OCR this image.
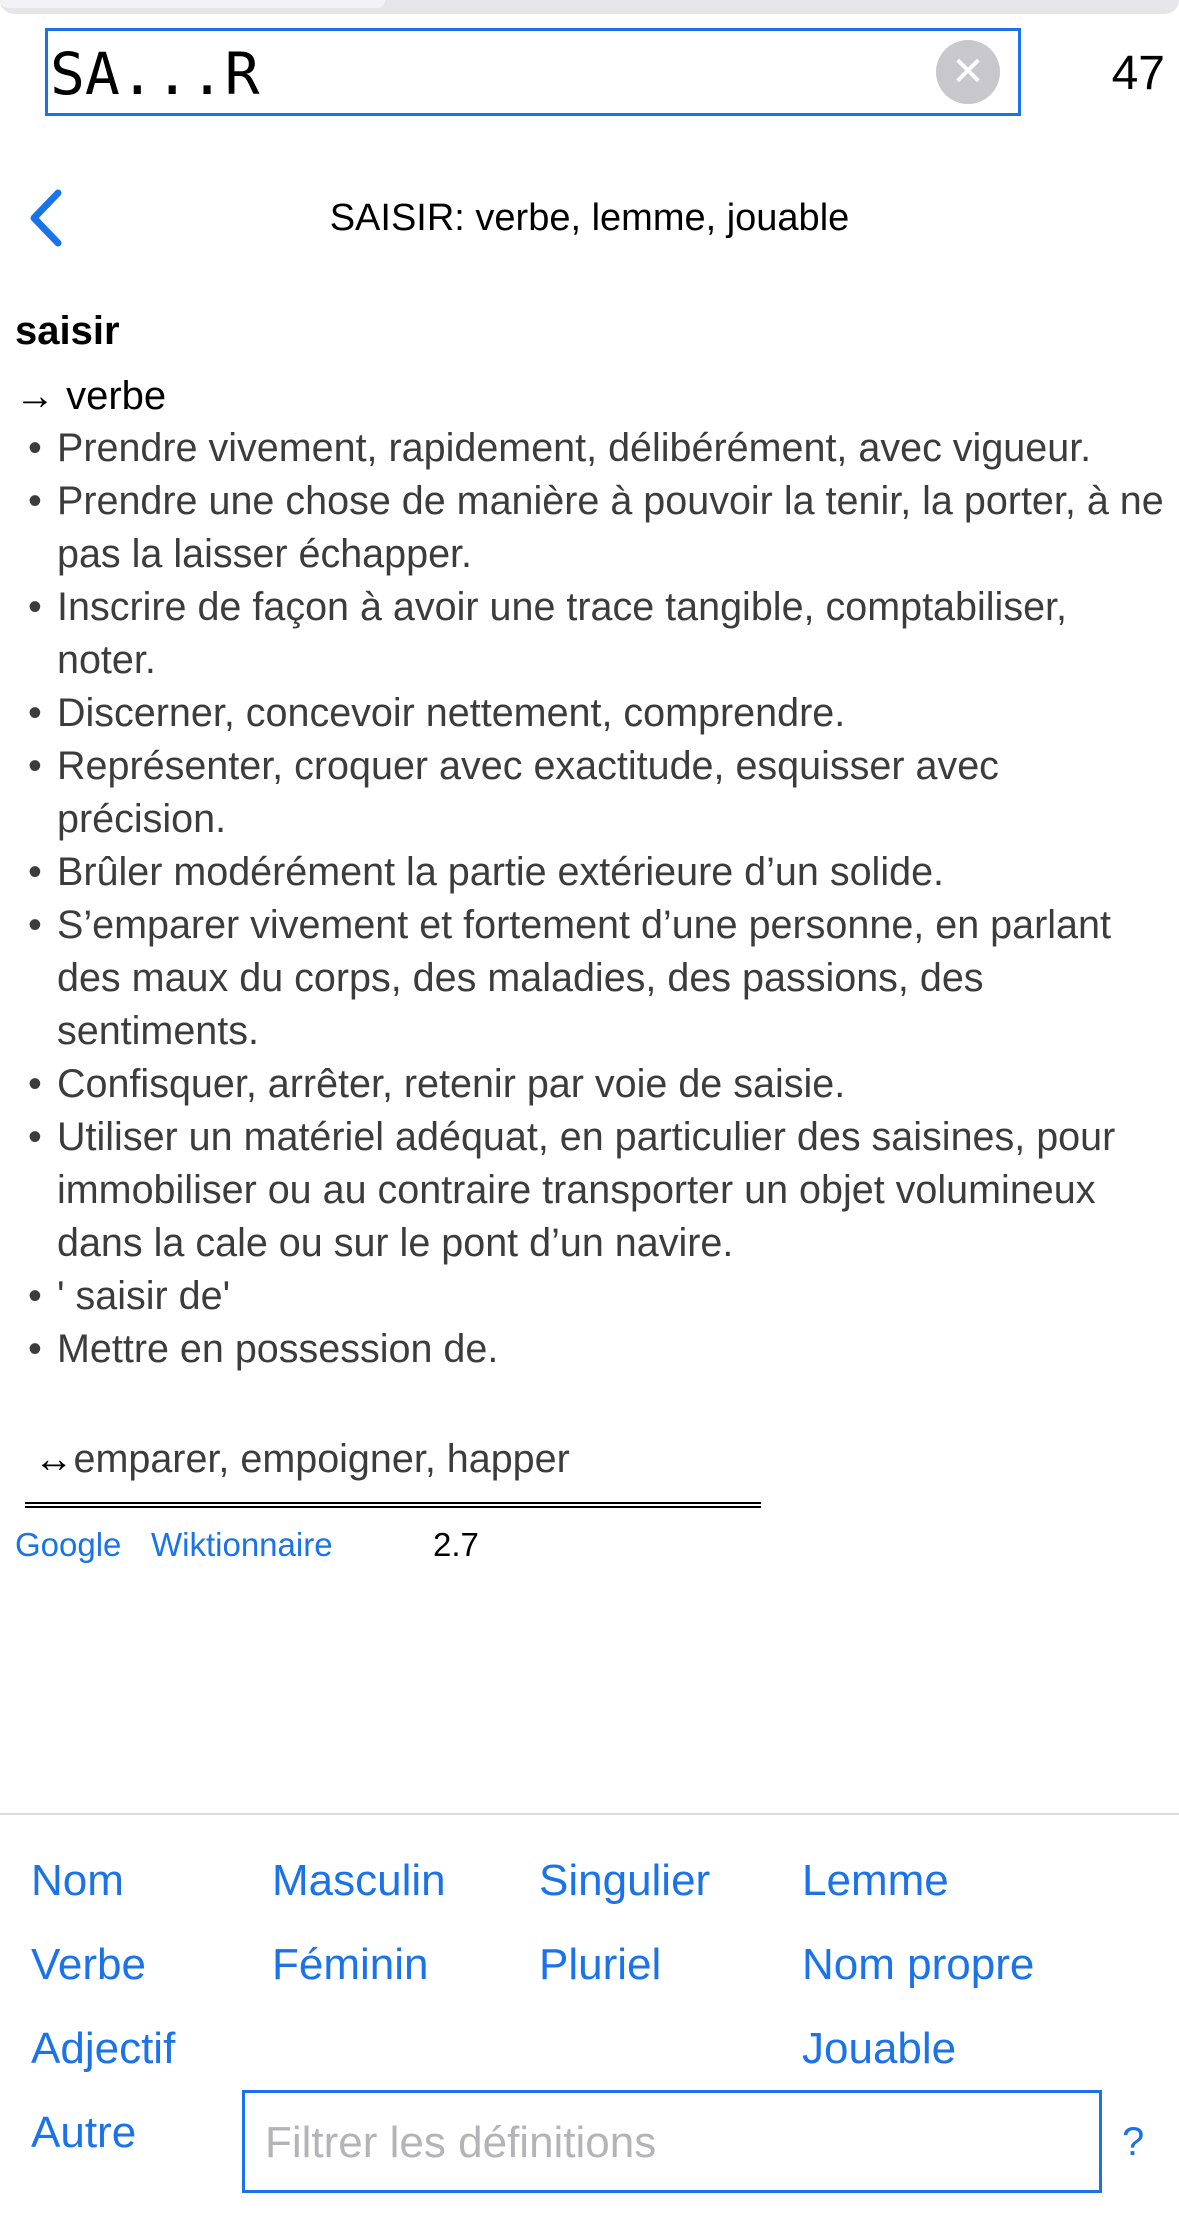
SA...R	✕	47
SAISIR: verbe, lemme, jouable
saisir
→ verbe
• Prendre vivement, rapidement, délibérément, avec vigueur.
• Prendre une chose de manière à pouvoir la tenir, la porter, à ne pas la laisser échapper.
• Inscrire de façon à avoir une trace tangible, comptabiliser, noter.
• Discerner, concevoir nettement, comprendre.
• Représenter, croquer avec exactitude, esquisser avec précision.
• Brûler modérément la partie extérieure d’un solide.
• S’emparer vivement et fortement d’une personne, en parlant des maux du corps, des maladies, des passions, des sentiments.
• Confisquer, arrêter, retenir par voie de saisie.
• Utiliser un matériel adéquat, en particulier des saisines, pour immobiliser ou au contraire transporter un objet volumineux dans la cale ou sur le pont d’un navire.
• ' saisir de'
• Mettre en possession de.
↔emparer, empoigner, happer
Google Wiktionnaire	2.7
Nom
Verbe
Adjectif
Autre
Masculin
Féminin
Singulier
Pluriel
Lemme
Nom propre
Jouable
Filtrer les définitions	?
